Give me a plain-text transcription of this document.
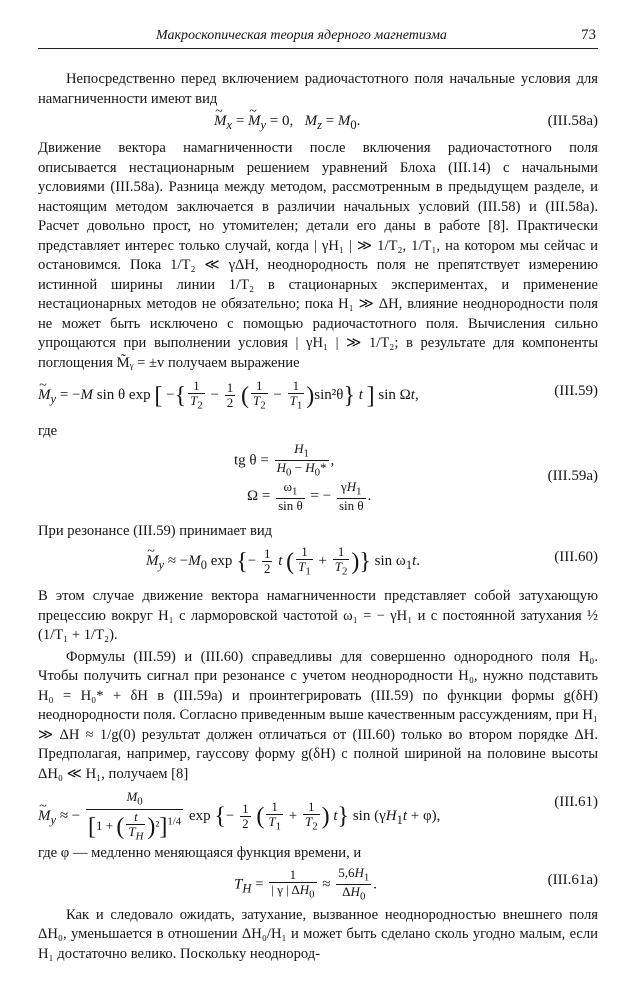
Макроскопическая теория ядерного магнетизма	73

Непосредственно перед включением радиочастотного поля начальные условия для намагниченности имеют вид

~ $M_x$ = ~ $M_y = 0$,   $M_z = M_0$.	(III.58a)

Движение вектора намагниченности после включения радиочастотного поля описывается нестационарным решением уравнений Блоха (III.14) с начальными условиями (III.58а). Разница между методом, рассмотренным в предыдущем разделе, и настоящим методом заключается в различии начальных условий (III.58) и (III.58а). Расчет довольно прост, но утомителен; детали его даны в работе [8]. Практически представляет интерес только случай, когда | γH₁ | ≫ 1/T₂, 1/T₁, на котором мы сейчас и остановимся. Пока 1/T₂ ≪ γΔH, неоднородность поля не препятствует измерению истинной ширины линии 1/T₂ в стационарных экспериментах, и применение нестационарных методов не обязательно; пока H₁ ≫ ΔH, влияние неоднородности поля не может быть исключено с помощью радиочастотного поля. Вычисления сильно упрощаются при выполнении условия | γH₁ | ≫ 1/T₂; в результате для компоненты поглощения M̃ᵧ = ±v получаем выражение

~ $M_y = -M$ sin θ exp [ −{ $\frac{1}{T_2} - \frac{1}{2}$ ( $\frac{1}{T_2} - \frac{1}{T_1} )\sin^2\theta$} t ] sin Ωt,	(III.59)

где

tg $\theta = \frac{H_1}{H_0 - H_0*}$ ,
$\Omega = \frac{\omega_1}{\text{sin θ}}$ = − $\frac{\gamma H_1}{\text{sin θ}}$ .
(III.59a)

При резонансе (III.59) принимает вид

~ $M_y \approx -M_0$ exp {− $\frac{1}{2}$ t ( $\frac{1}{T_1} + \frac{1}{T_2}$ )} $\sin \omega_1t$.	(III.60)

В этом случае движение вектора намагниченности представляет собой затухающую прецессию вокруг H₁ с ларморовской частотой ω₁ = − γH₁ и с постоянной затухания ½ (1/T₁ + 1/T₂).

Формулы (III.59) и (III.60) справедливы для совершенно однородного поля H₀. Чтобы получить сигнал при резонансе с учетом неоднородности H₀, нужно подставить H₀ = H₀* + δH в (III.59а) и проинтегрировать (III.59) по функции формы g(δH) неоднородности поля. Согласно приведенным выше качественным рассуждениям, при H₁ ≫ ΔH ≈ 1/g(0) результат должен отличаться от (III.60) только во втором порядке ΔH. Предполагая, например, гауссову форму g(δH) с полной шириной на половине высоты ΔH₀ ≪ H₁, получаем [8]

~ $M_y$ ≈ − $\frac{M_0}{[1 + ( \frac{t}{T_H} )^2]^{1/4}}$ exp {− $\frac{1}{2}$ ( $\frac{1}{T_1} + \frac{1}{T_2}$ ) t} $\sin (\gamma H_1t + \varphi)$,
(III.61)

где φ — медленно меняющаяся функция времени, и

$T_H = \frac{1}{| \gamma | \Delta H_0} \approx \frac{5,6H_1}{\Delta H_0}$ .	(III.61a)

Как и следовало ожидать, затухание, вызванное неоднородностью внешнего поля ΔH₀, уменьшается в отношении ΔH₀/H₁ и может быть сделано сколь угодно малым, если H₁ достаточно велико. Поскольку неоднород-
